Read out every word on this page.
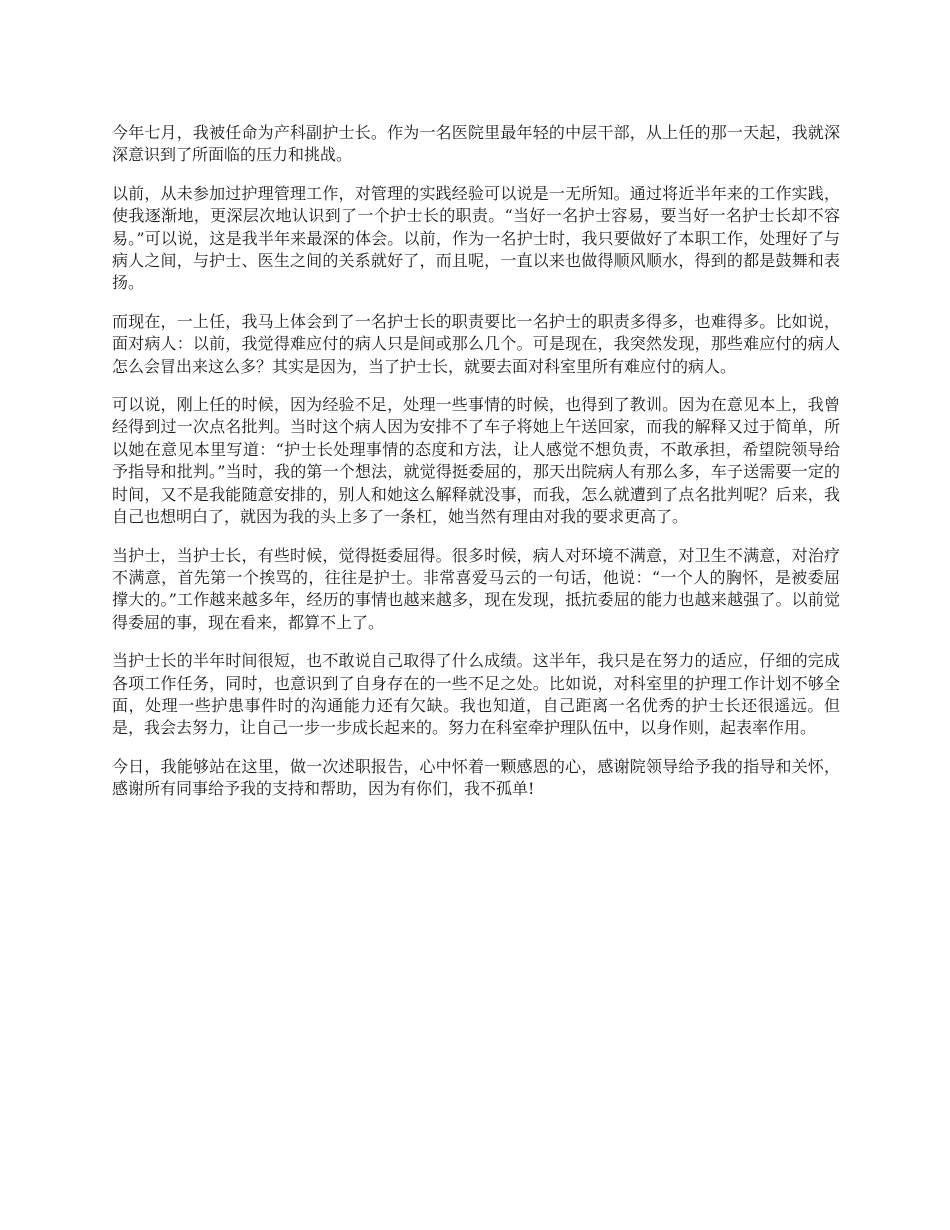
今年七月，我被任命为产科副护士长。作为一名医院里最年轻的中层干部，从上任的那一天起，我就深深意识到了所面临的压力和挑战。

以前，从未参加过护理管理工作，对管理的实践经验可以说是一无所知。通过将近半年来的工作实践，使我逐渐地，更深层次地认识到了一个护士长的职责。“当好一名护士容易，要当好一名护士长却不容易。”可以说，这是我半年来最深的体会。以前，作为一名护士时，我只要做好了本职工作，处理好了与病人之间，与护士、医生之间的关系就好了，而且呢，一直以来也做得顺风顺水，得到的都是鼓舞和表扬。

而现在，一上任，我马上体会到了一名护士长的职责要比一名护士的职责多得多，也难得多。比如说，面对病人：以前，我觉得难应付的病人只是间或那么几个。可是现在，我突然发现，那些难应付的病人怎么会冒出来这么多？其实是因为，当了护士长，就要去面对科室里所有难应付的病人。

可以说，刚上任的时候，因为经验不足，处理一些事情的时候，也得到了教训。因为在意见本上，我曾经得到过一次点名批判。当时这个病人因为安排不了车子将她上午送回家，而我的解释又过于简单，所以她在意见本里写道：“护士长处理事情的态度和方法，让人感觉不想负责，不敢承担，希望院领导给予指导和批判。”当时，我的第一个想法，就觉得挺委屈的，那天出院病人有那么多，车子送需要一定的时间，又不是我能随意安排的，别人和她这么解释就没事，而我，怎么就遭到了点名批判呢？后来，我自己也想明白了，就因为我的头上多了一条杠，她当然有理由对我的要求更高了。

当护士，当护士长，有些时候，觉得挺委屈得。很多时候，病人对环境不满意，对卫生不满意，对治疗不满意，首先第一个挨骂的，往往是护士。非常喜爱马云的一句话，他说：“一个人的胸怀，是被委屈撑大的。”工作越来越多年，经历的事情也越来越多，现在发现，抵抗委屈的能力也越来越强了。以前觉得委屈的事，现在看来，都算不上了。

当护士长的半年时间很短，也不敢说自己取得了什么成绩。这半年，我只是在努力的适应，仔细的完成各项工作任务，同时，也意识到了自身存在的一些不足之处。比如说，对科室里的护理工作计划不够全面，处理一些护患事件时的沟通能力还有欠缺。我也知道，自己距离一名优秀的护士长还很遥远。但是，我会去努力，让自己一步一步成长起来的。努力在科室牵护理队伍中，以身作则，起表率作用。

今日，我能够站在这里，做一次述职报告，心中怀着一颗感恩的心，感谢院领导给予我的指导和关怀，感谢所有同事给予我的支持和帮助，因为有你们，我不孤单!
